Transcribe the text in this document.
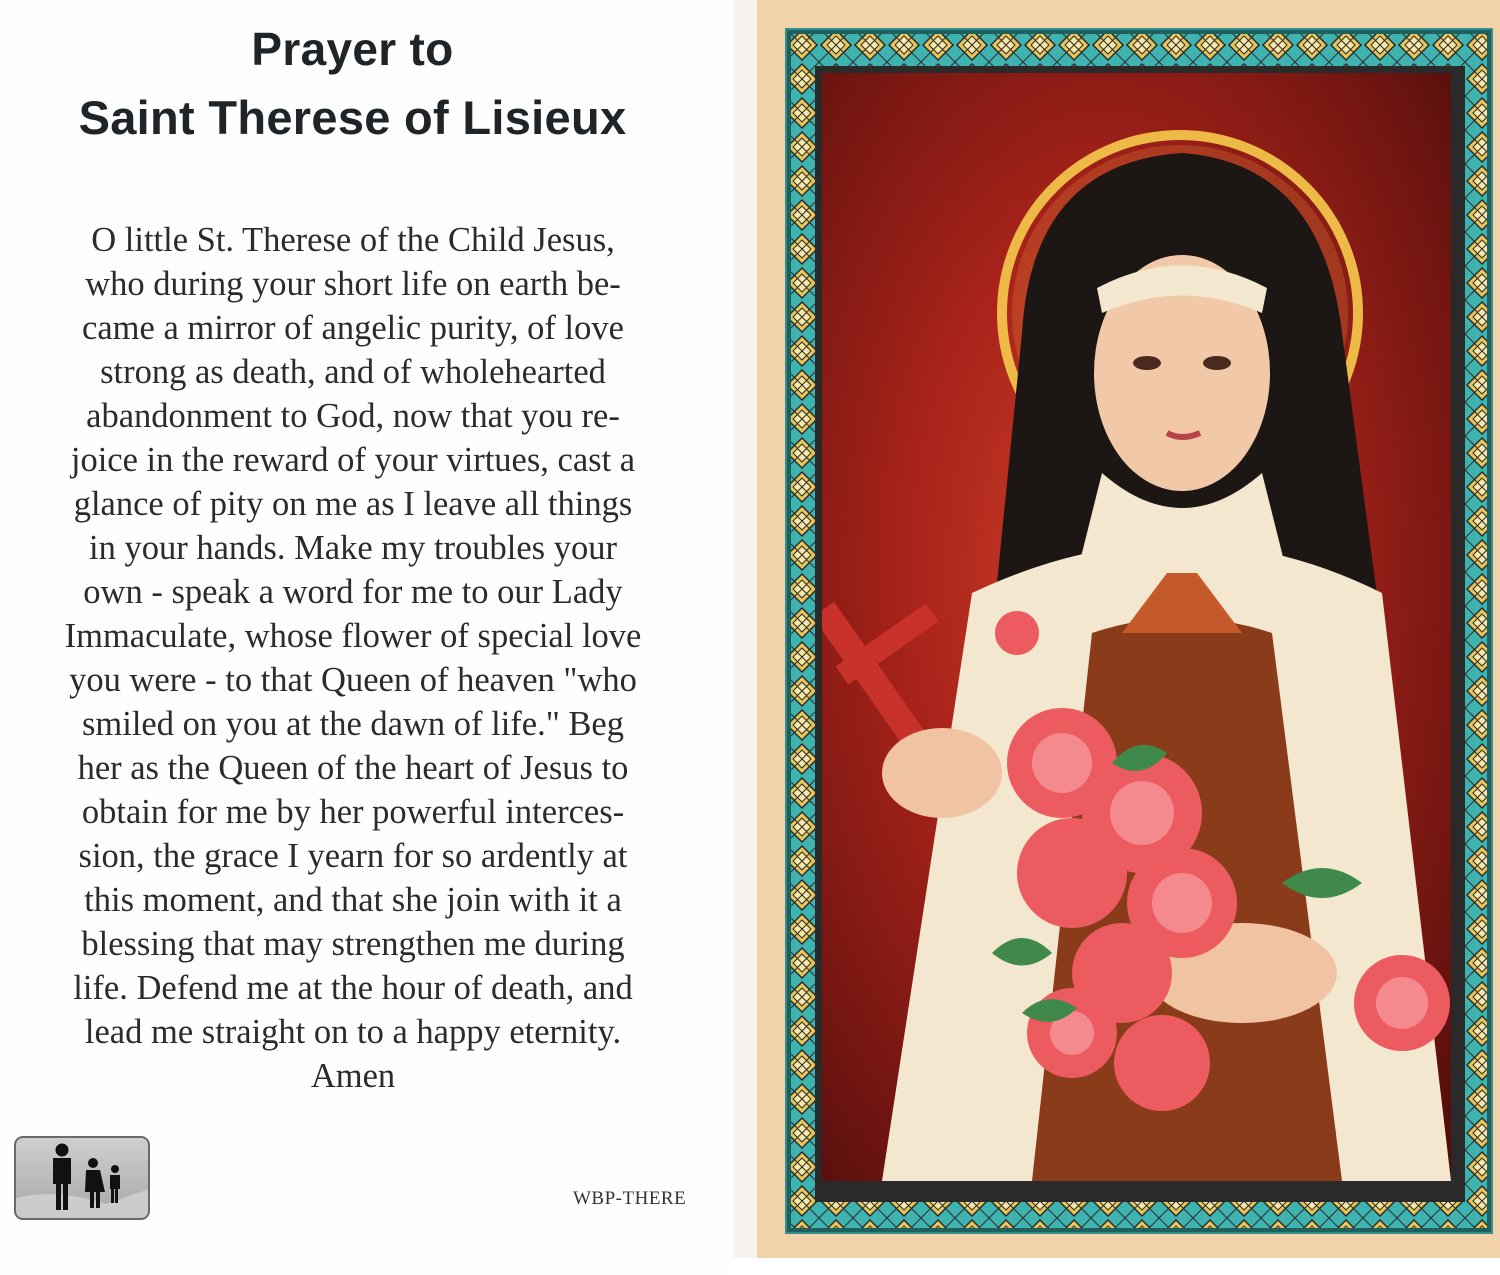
Prayer to
Saint Therese of Lisieux
O little St. Therese of the Child Jesus,
who during your short life on earth be-
came a mirror of angelic purity, of love
strong as death, and of wholehearted
abandonment to God, now that you re-
joice in the reward of your virtues, cast a
glance of pity on me as I leave all things
in your hands. Make my troubles your
own - speak a word for me to our Lady
Immaculate, whose flower of special love
you were - to that Queen of heaven "who
smiled on you at the dawn of life." Beg
her as the Queen of the heart of Jesus to
obtain for me by her powerful interces-
sion, the grace I yearn for so ardently at
this moment, and that she join with it a
blessing that may strengthen me during
life. Defend me at the hour of death, and
lead me straight on to a happy eternity.
Amen
WBP-THERE
